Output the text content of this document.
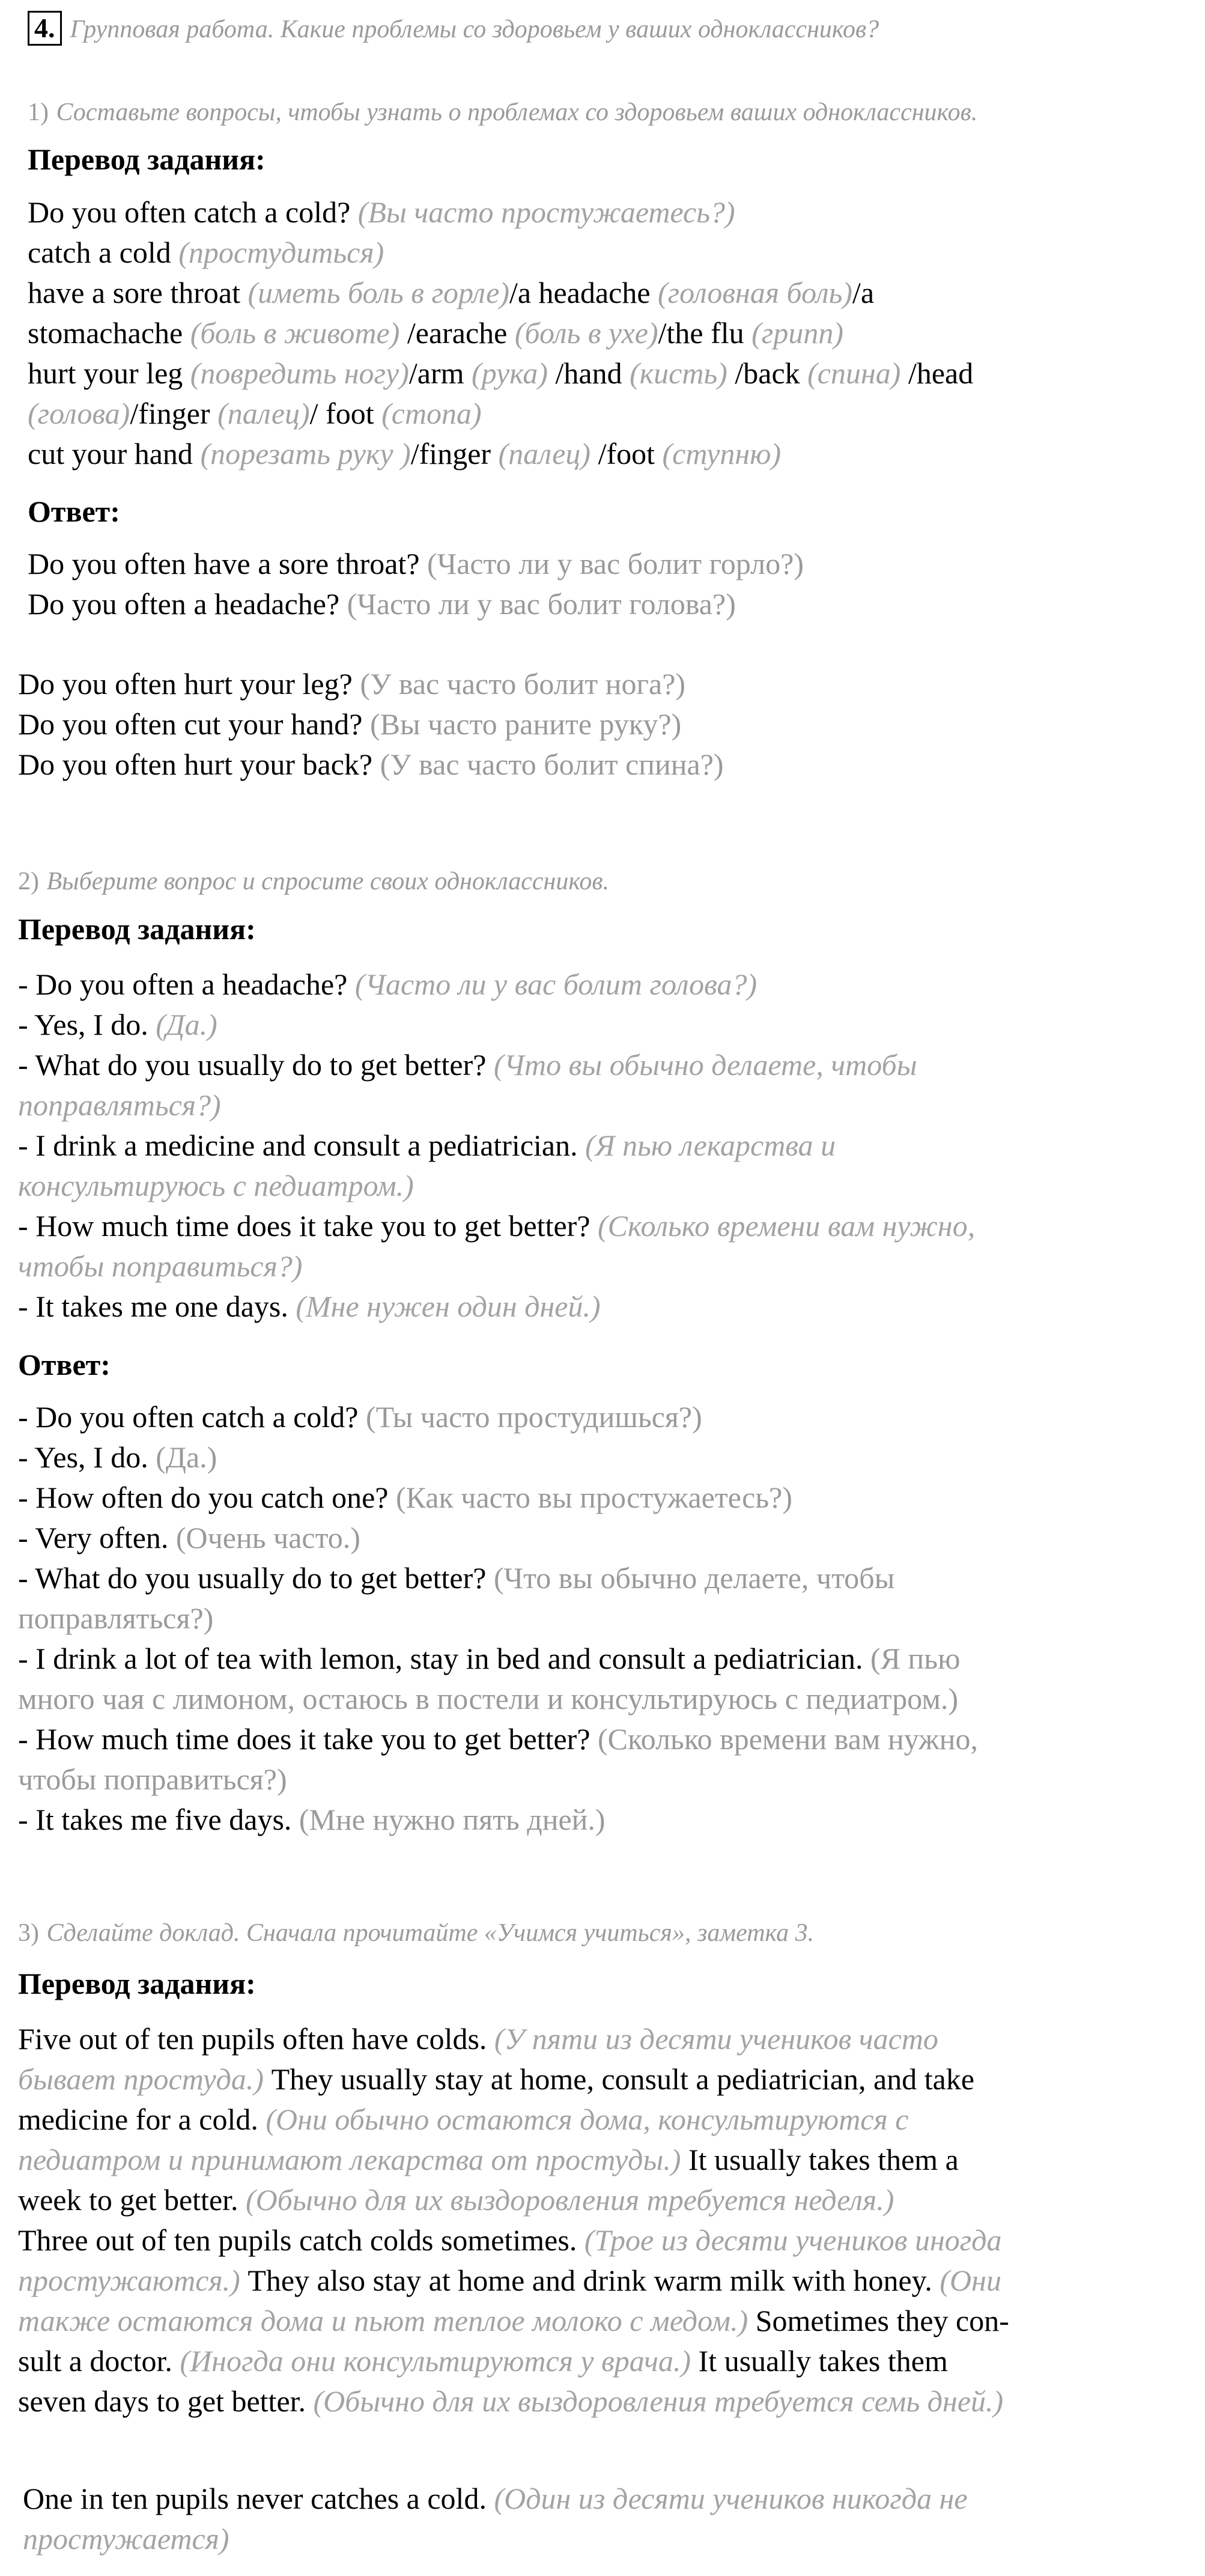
4. Групповая работа. Какие проблемы со здоровьем у ваших одноклассников?
1) Составьте вопросы, чтобы узнать о проблемах со здоровьем ваших одноклассников.
Перевод задания:
Do you often catch a cold? (Вы часто простужаетесь?)
catch a cold (простудиться)
have a sore throat (иметь боль в горле)/a headache (головная боль)/a
stomachache (боль в животе) /earache (боль в ухе)/the flu (грипп)
hurt your leg (повредить ногу)/arm (рука) /hand (кисть) /back (спина) /head
(голова)/finger (палец)/ foot (стопа)
cut your hand (порезать руку )/finger (палец) /foot (ступню)
Ответ:
Do you often have a sore throat? (Часто ли у вас болит горло?)
Do you often a headache? (Часто ли у вас болит голова?)
Do you often hurt your leg? (У вас часто болит нога?)
Do you often cut your hand? (Вы часто раните руку?)
Do you often hurt your back? (У вас часто болит спина?)
2) Выберите вопрос и спросите своих одноклассников.
Перевод задания:
- Do you often a headache? (Часто ли у вас болит голова?)
- Yes, I do. (Да.)
- What do you usually do to get better? (Что вы обычно делаете, чтобы
поправляться?)
- I drink a medicine and consult a pediatrician. (Я пью лекарства и
консультируюсь с педиатром.)
- How much time does it take you to get better? (Сколько времени вам нужно,
чтобы поправиться?)
- It takes me one days. (Мне нужен один дней.)
Ответ:
- Do you often catch a cold? (Ты часто простудишься?)
- Yes, I do. (Да.)
- How often do you catch one? (Как часто вы простужаетесь?)
- Very often. (Очень часто.)
- What do you usually do to get better? (Что вы обычно делаете, чтобы
поправляться?)
- I drink a lot of tea with lemon, stay in bed and consult a pediatrician. (Я пью
много чая с лимоном, остаюсь в постели и консультируюсь с педиатром.)
- How much time does it take you to get better? (Сколько времени вам нужно,
чтобы поправиться?)
- It takes me five days. (Мне нужно пять дней.)
3) Сделайте доклад. Сначала прочитайте «Учимся учиться», заметка 3.
Перевод задания:
Five out of ten pupils often have colds. (У пяти из десяти учеников часто
бывает простуда.) They usually stay at home, consult a pediatrician, and take
medicine for a cold. (Они обычно остаются дома, консультируются с
педиатром и принимают лекарства от простуды.) It usually takes them a
week to get better. (Обычно для их выздоровления требуется неделя.)
Three out of ten pupils catch colds sometimes. (Трое из десяти учеников иногда
простужаются.) They also stay at home and drink warm milk with honey. (Они
также остаются дома и пьют теплое молоко с медом.) Sometimes they con-
sult a doctor. (Иногда они консультируются у врача.) It usually takes them
seven days to get better. (Обычно для их выздоровления требуется семь дней.)
One in ten pupils never catches a cold. (Один из десяти учеников никогда не
простужается)
